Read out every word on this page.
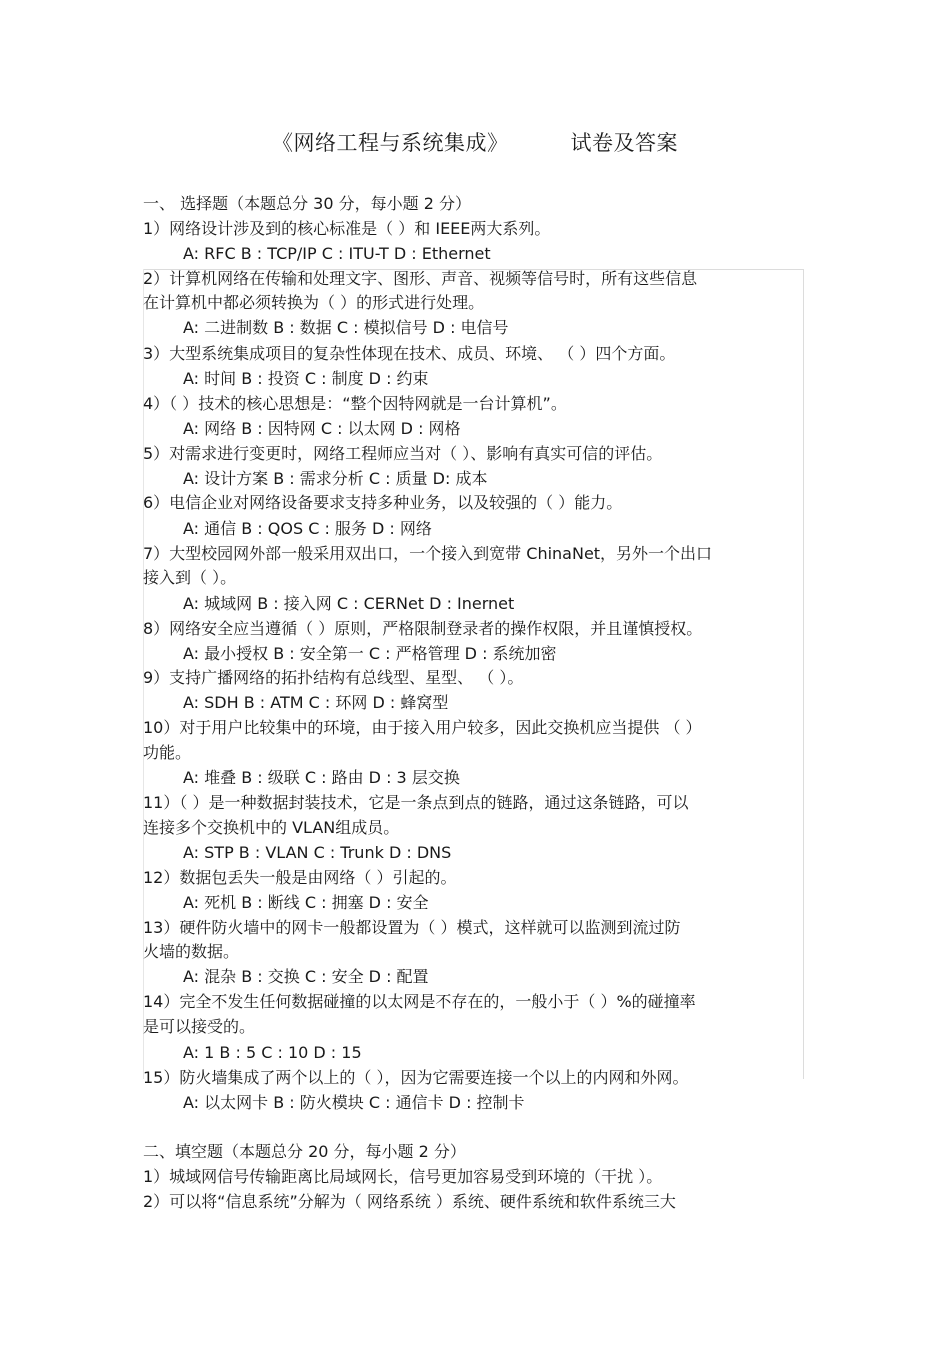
《网络工程与系统集成》	试卷及答案
一、 选择题（本题总分 30 分，每小题 2 分）
1）网络设计涉及到的核心标准是（ ）和 IEEE两大系列。
A: RFC B : TCP/IP C : ITU-T D : Ethernet
2）计算机网络在传输和处理文字、图形、声音、视频等信号时，所有这些信息
在计算机中都必须转换为（ ）的形式进行处理。
A: 二进制数 B : 数据 C : 模拟信号 D : 电信号
3）大型系统集成项目的复杂性体现在技术、成员、环境、 （ ）四个方面。
A: 时间 B : 投资 C : 制度 D : 约束
4）（ ）技术的核心思想是：“整个因特网就是一台计算机”。
A: 网络 B : 因特网 C : 以太网 D : 网格
5）对需求进行变更时，网络工程师应当对（ ）、影响有真实可信的评估。
A: 设计方案 B : 需求分析 C : 质量 D: 成本
6）电信企业对网络设备要求支持多种业务，以及较强的（ ）能力。
A: 通信 B : QOS C : 服务 D : 网络
7）大型校园网外部一般采用双出口，一个接入到宽带 ChinaNet，另外一个出口
接入到（ ）。
A: 城域网 B : 接入网 C : CERNet D : Inernet
8）网络安全应当遵循（ ）原则，严格限制登录者的操作权限，并且谨慎授权。
A: 最小授权 B : 安全第一 C : 严格管理 D : 系统加密
9）支持广播网络的拓扑结构有总线型、星型、 （ ）。
A: SDH B : ATM C : 环网 D : 蜂窝型
10）对于用户比较集中的环境，由于接入用户较多，因此交换机应当提供 （ ）
功能。
A: 堆叠 B : 级联 C : 路由 D : 3 层交换
11）（ ）是一种数据封装技术，它是一条点到点的链路，通过这条链路，可以
连接多个交换机中的 VLAN组成员。
A: STP B : VLAN C : Trunk D : DNS
12）数据包丢失一般是由网络（ ）引起的。
A: 死机 B : 断线 C : 拥塞 D : 安全
13）硬件防火墙中的网卡一般都设置为（ ）模式，这样就可以监测到流过防
火墙的数据。
A: 混杂 B : 交换 C : 安全 D : 配置
14）完全不发生任何数据碰撞的以太网是不存在的，一般小于（ ）%的碰撞率
是可以接受的。
A: 1 B : 5 C : 10 D : 15
15）防火墙集成了两个以上的（ ），因为它需要连接一个以上的内网和外网。
A: 以太网卡 B : 防火模块 C : 通信卡 D : 控制卡
二、填空题（本题总分 20 分，每小题 2 分）
1）城域网信号传输距离比局域网长，信号更加容易受到环境的（干扰 ）。
2）可以将“信息系统”分解为（ 网络系统 ）系统、硬件系统和软件系统三大
